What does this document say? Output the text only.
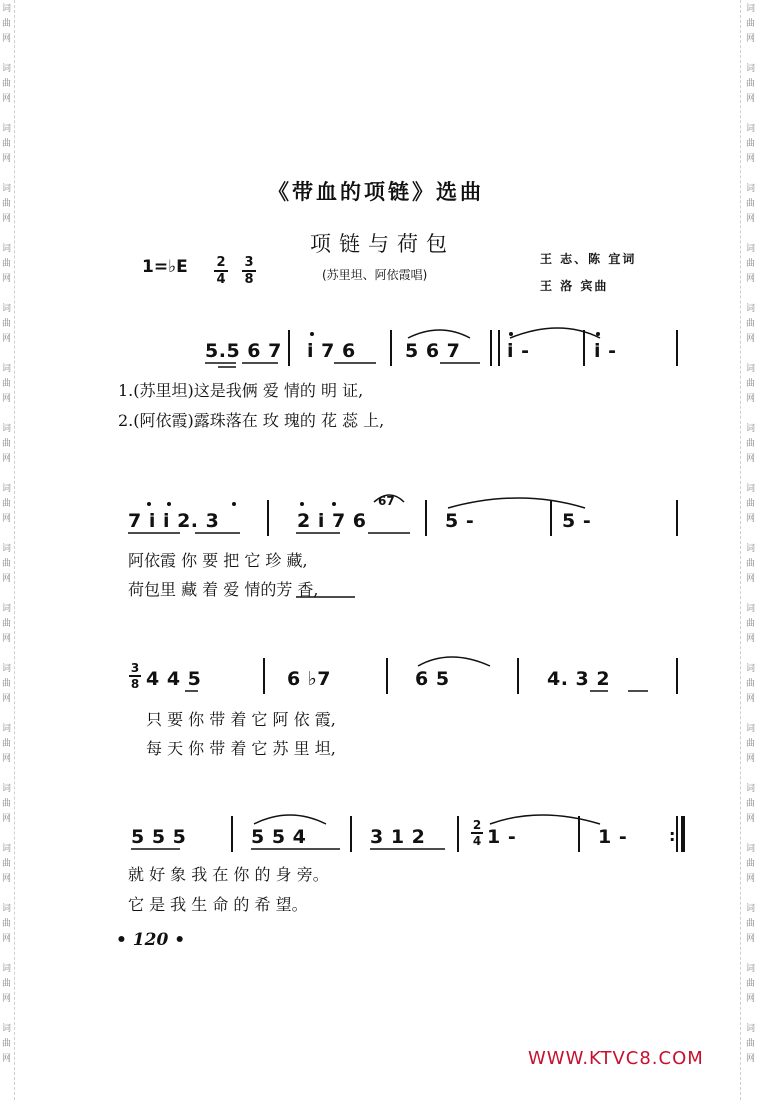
词
曲
网
词
曲
网
词
曲
网
词
曲
网
词
曲
网
词
曲
网
词
曲
网
词
曲
网
词
曲
网
词
曲
网
词
曲
网
词
曲
网
词
曲
网
词
曲
网
词
曲
网
词
曲
网
词
曲
网
词
曲
网
词
曲
网
词
曲
网
词
曲
网
词
曲
网
词
曲
网
词
曲
网
词
曲
网
词
曲
网
词
曲
网
词
曲
网
词
曲
网
词
曲
网
词
曲
网
词
曲
网
词
曲
网
词
曲
网
词
曲
网
词
曲
网
《带血的项链》选曲
项链与荷包
1=♭E 2
4
3
8	(苏里坦、阿依霞唱)
王 志、陈 宜词
王 洛 宾曲
5.5 6 7 i 7 6	5 6 7 i -	i -
1.(苏里坦)这是我俩 爱 情的 明 证,
2.(阿依霞)露珠落在 玫 瑰的 花 蕊 上,
7 i i 2. 3
67
2 i 7 6	5 -	5 -
阿依霞 你 要 把 它 珍 藏,
荷包里 藏 着 爱 情的芳 香,
3
8 4 4 5	6 ♭7	6 5	4. 3 2
只 要 你 带 着 它 阿 依 霞,
每 天 你 带 着 它 苏 里 坦,
5 5 5	5 5 4	3 1 2
2
4 1 -	1 -	:
就 好 象 我 在 你 的 身 旁。
它 是 我 生 命 的 希 望。
• 120 •
WWW.KTVC8.COM
